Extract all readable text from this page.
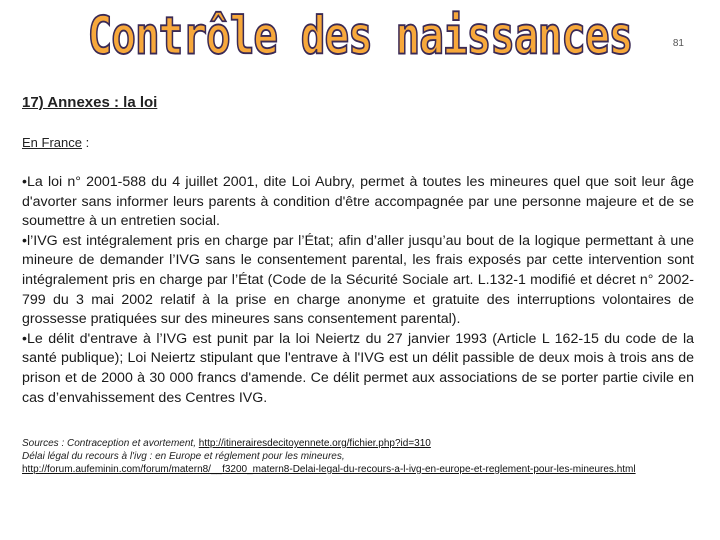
Contrôle des naissances	81
17) Annexes : la loi
En France :

•La loi n° 2001-588 du 4 juillet 2001, dite Loi Aubry, permet à toutes les mineures quel que soit leur âge d'avorter sans informer leurs parents à condition d'être accompagnée par une personne majeure et de se soumettre à un entretien social.

•l’IVG est intégralement pris en charge par l’État; afin d’aller jusqu’au bout de la logique permettant à une mineure de demander l’IVG sans le consentement parental, les frais exposés par cette intervention sont intégralement pris en charge par l’État (Code de la Sécurité Sociale art. L.132-1 modifié et décret n° 2002-799 du 3 mai 2002 relatif à la prise en charge anonyme et gratuite des interruptions volontaires de grossesse pratiquées sur des mineures sans consentement parental).

•Le délit d'entrave à l’IVG est punit par la loi Neiertz du 27 janvier 1993 (Article L 162-15 du code de la santé publique); Loi Neiertz stipulant que l'entrave à l'IVG est un délit passible de deux mois à trois ans de prison et de 2000 à 30 000 francs d'amende. Ce délit permet aux associations de se porter partie civile en cas d’envahissement des Centres IVG.

Sources : Contraception et avortement, http://itinerairesdecitoyennete.org/fichier.php?id=310

Délai légal du recours à l'ivg : en Europe et réglement pour les mineures,

http://forum.aufeminin.com/forum/matern8/__f3200_matern8-Delai-legal-du-recours-a-l-ivg-en-europe-et-reglement-pour-les-mineures.html
